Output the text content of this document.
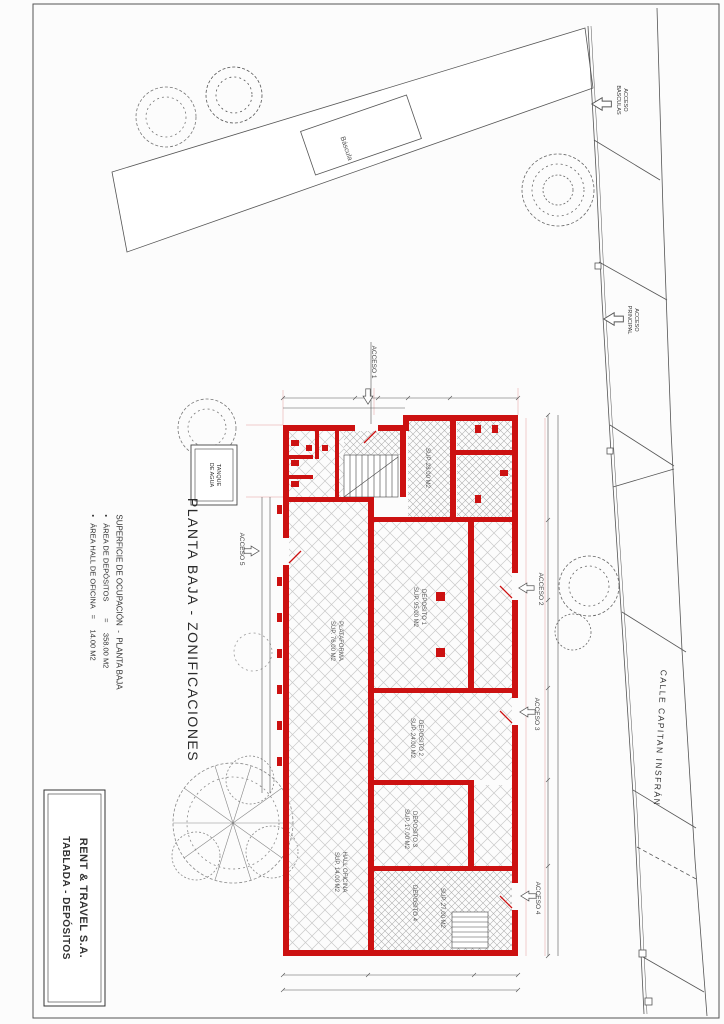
PLANTA BAJA - ZONIFICACIONES
SUPERFICIE DE OCUPACIÓN  -  PLANTA BAJA
•   ÁREA DE DEPÓSITOS        =     358.00 M2
•   ÁREA HALL DE OFICINA   =     14.00 M2
RENT & TRAVEL S.A.
TABLADA - DEPÓSITOS
CALLE CAPITAN INSFRÁN
Báscula
TANQUE
DE AGUA
ACCESO
BASCULAS
ACCESO
PRINCIPAL
ACCESO 1
ACCESO 2
ACCESO 3
ACCESO 4
ACCESO 5
PLATAFORMA
SUP. 76.00 M2
DEPOSITO 1
SUP. 95.00 M2
DEPOSITO 2
SUP. 24.00 M2
DEPOSITO 3
SUP. 17.00 M2
DEPOSITO 4	SUP. 27.00 M2
SUP. 28.00 M2
HALL OFICINA
SUP. 14.00 M2
